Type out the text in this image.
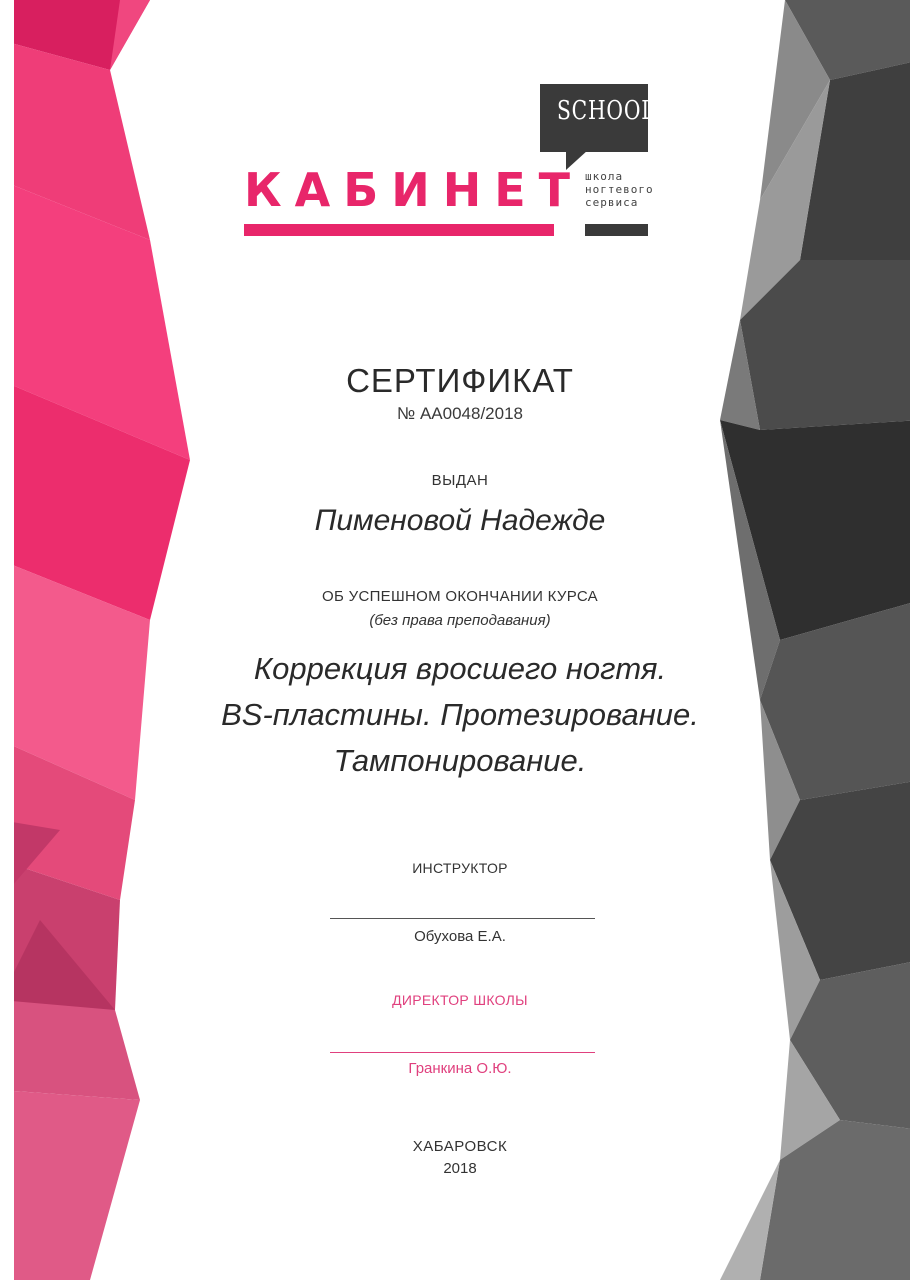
SCHOOL
КАБИНЕТ школа
ногтевого
сервиса
СЕРТИФИКАТ
№ АА0048/2018
ВЫДАН
Пименовой Надежде
ОБ УСПЕШНОМ ОКОНЧАНИИ КУРСА
(без права преподавания)
Коррекция вросшего ногтя.
BS-пластины. Протезирование.
Тампонирование.
ИНСТРУКТОР
Обухова Е.А.
ДИРЕКТОР ШКОЛЫ
Гранкина О.Ю.
ХАБАРОВСК
2018
